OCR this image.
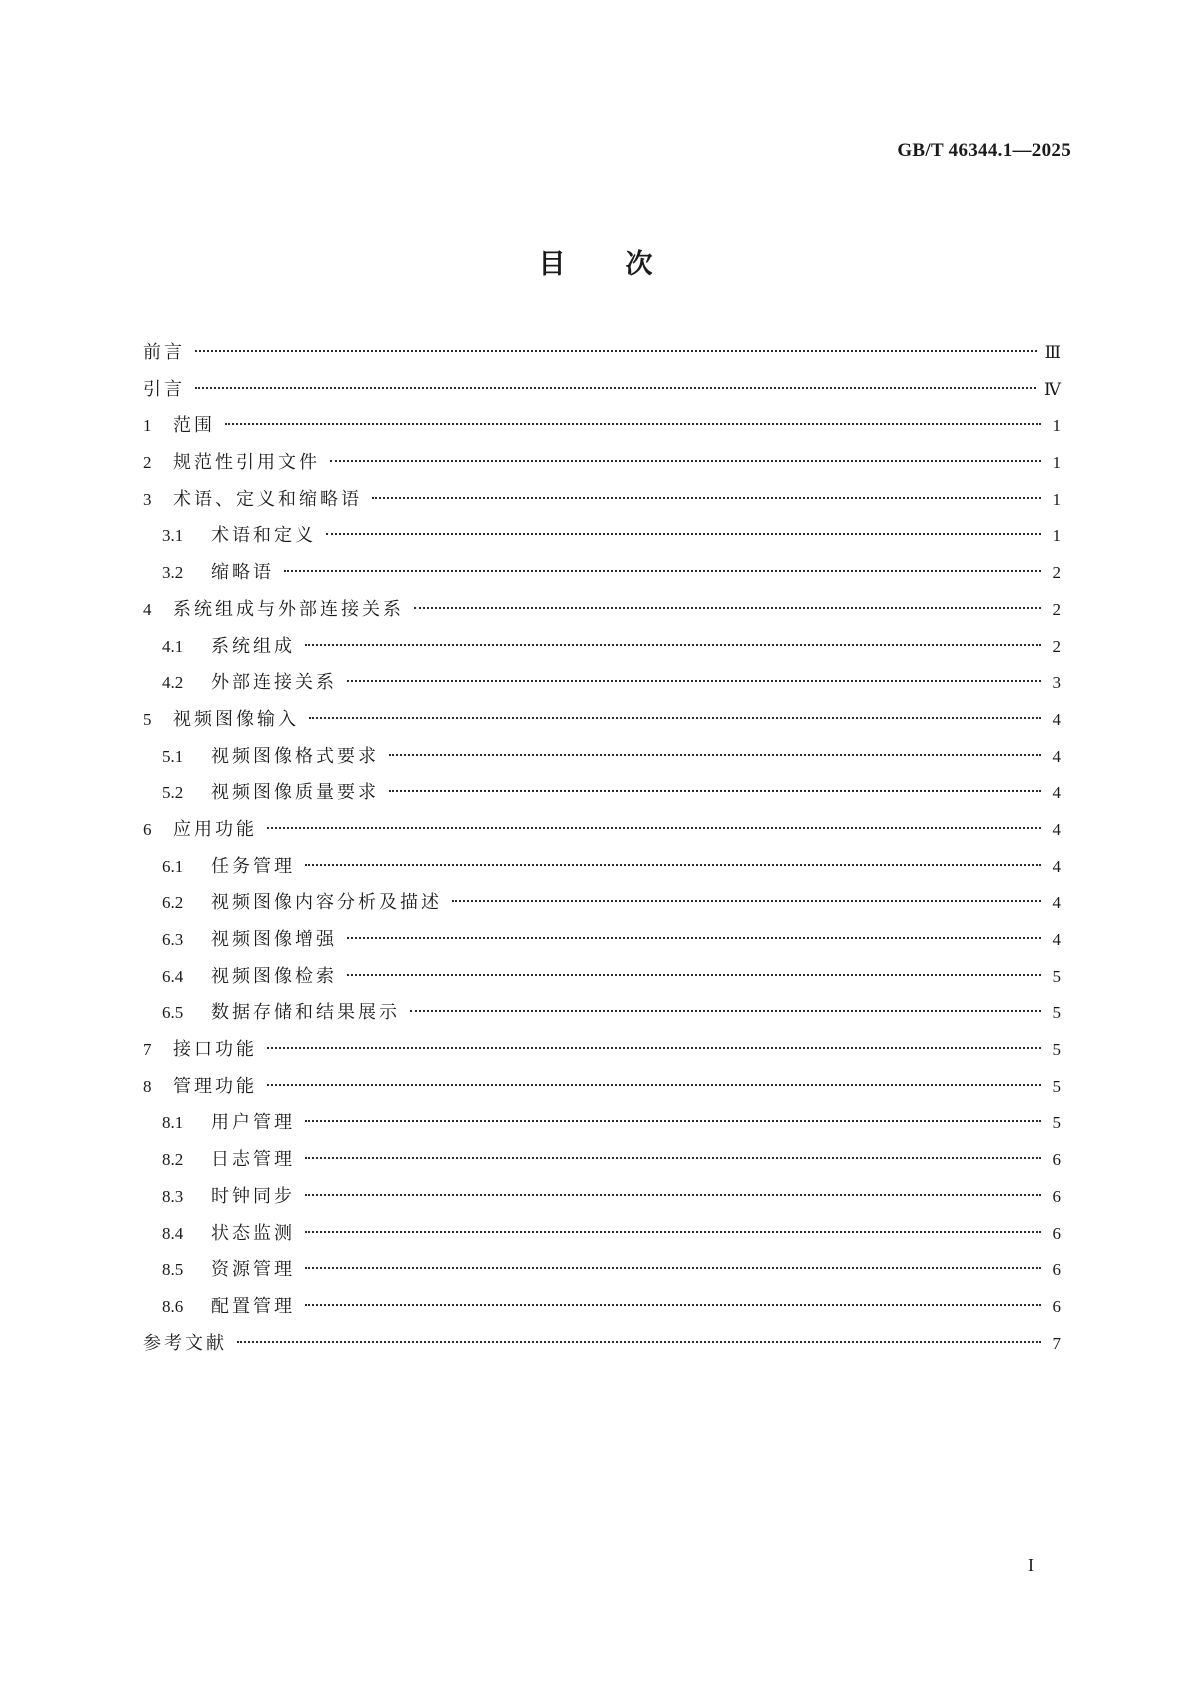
GB/T 46344.1—2025
目次
前言	Ⅲ
引言	Ⅳ
1	范围	1
2	规范性引用文件	1
3	术语、定义和缩略语	1
3.1	术语和定义	1
3.2	缩略语	2
4	系统组成与外部连接关系	2
4.1	系统组成	2
4.2	外部连接关系	3
5	视频图像输入	4
5.1	视频图像格式要求	4
5.2	视频图像质量要求	4
6	应用功能	4
6.1	任务管理	4
6.2	视频图像内容分析及描述	4
6.3	视频图像增强	4
6.4	视频图像检索	5
6.5	数据存储和结果展示	5
7	接口功能	5
8	管理功能	5
8.1	用户管理	5
8.2	日志管理	6
8.3	时钟同步	6
8.4	状态监测	6
8.5	资源管理	6
8.6	配置管理	6
参考文献	7
I
